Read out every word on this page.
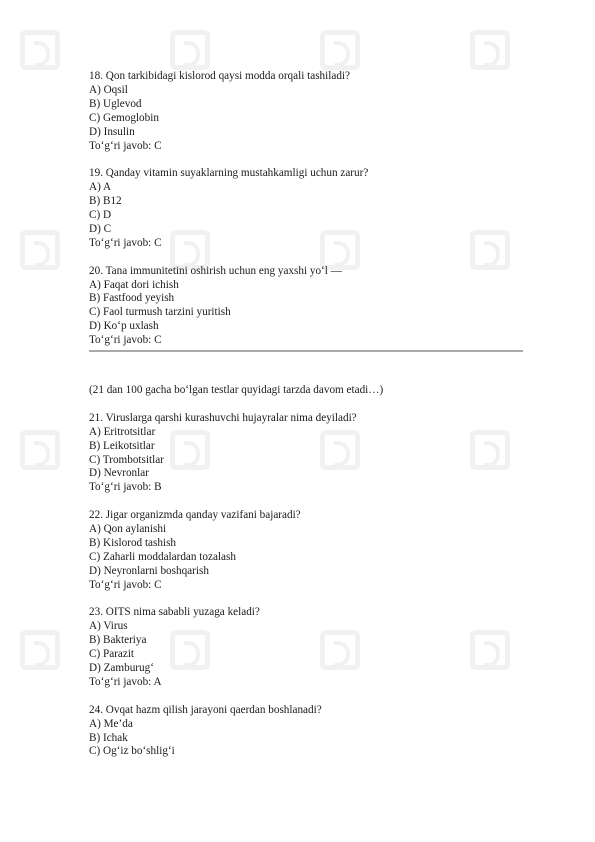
18. Qon tarkibidagi kislorod qaysi modda orqali tashiladi?
A) Oqsil
B) Uglevod
C) Gemoglobin
D) Insulin
To‘g‘ri javob: C
19. Qanday vitamin suyaklarning mustahkamligi uchun zarur?
A) A
B) B12
C) D
D) C
To‘g‘ri javob: C
20. Tana immunitetini oshirish uchun eng yaxshi yo‘l —
A) Faqat dori ichish
B) Fastfood yeyish
C) Faol turmush tarzini yuritish
D) Ko‘p uxlash
To‘g‘ri javob: C
(21 dan 100 gacha bo‘lgan testlar quyidagi tarzda davom etadi…)
21. Viruslarga qarshi kurashuvchi hujayralar nima deyiladi?
A) Eritrotsitlar
B) Leikotsitlar
C) Trombotsitlar
D) Nevronlar
To‘g‘ri javob: B
22. Jigar organizmda qanday vazifani bajaradi?
A) Qon aylanishi
B) Kislorod tashish
C) Zaharli moddalardan tozalash
D) Neyronlarni boshqarish
To‘g‘ri javob: C
23. OITS nima sababli yuzaga keladi?
A) Virus
B) Bakteriya
C) Parazit
D) Zamburug‘
To‘g‘ri javob: A
24. Ovqat hazm qilish jarayoni qaerdan boshlanadi?
A) Me’da
B) Ichak
C) Og‘iz bo‘shlig‘i
